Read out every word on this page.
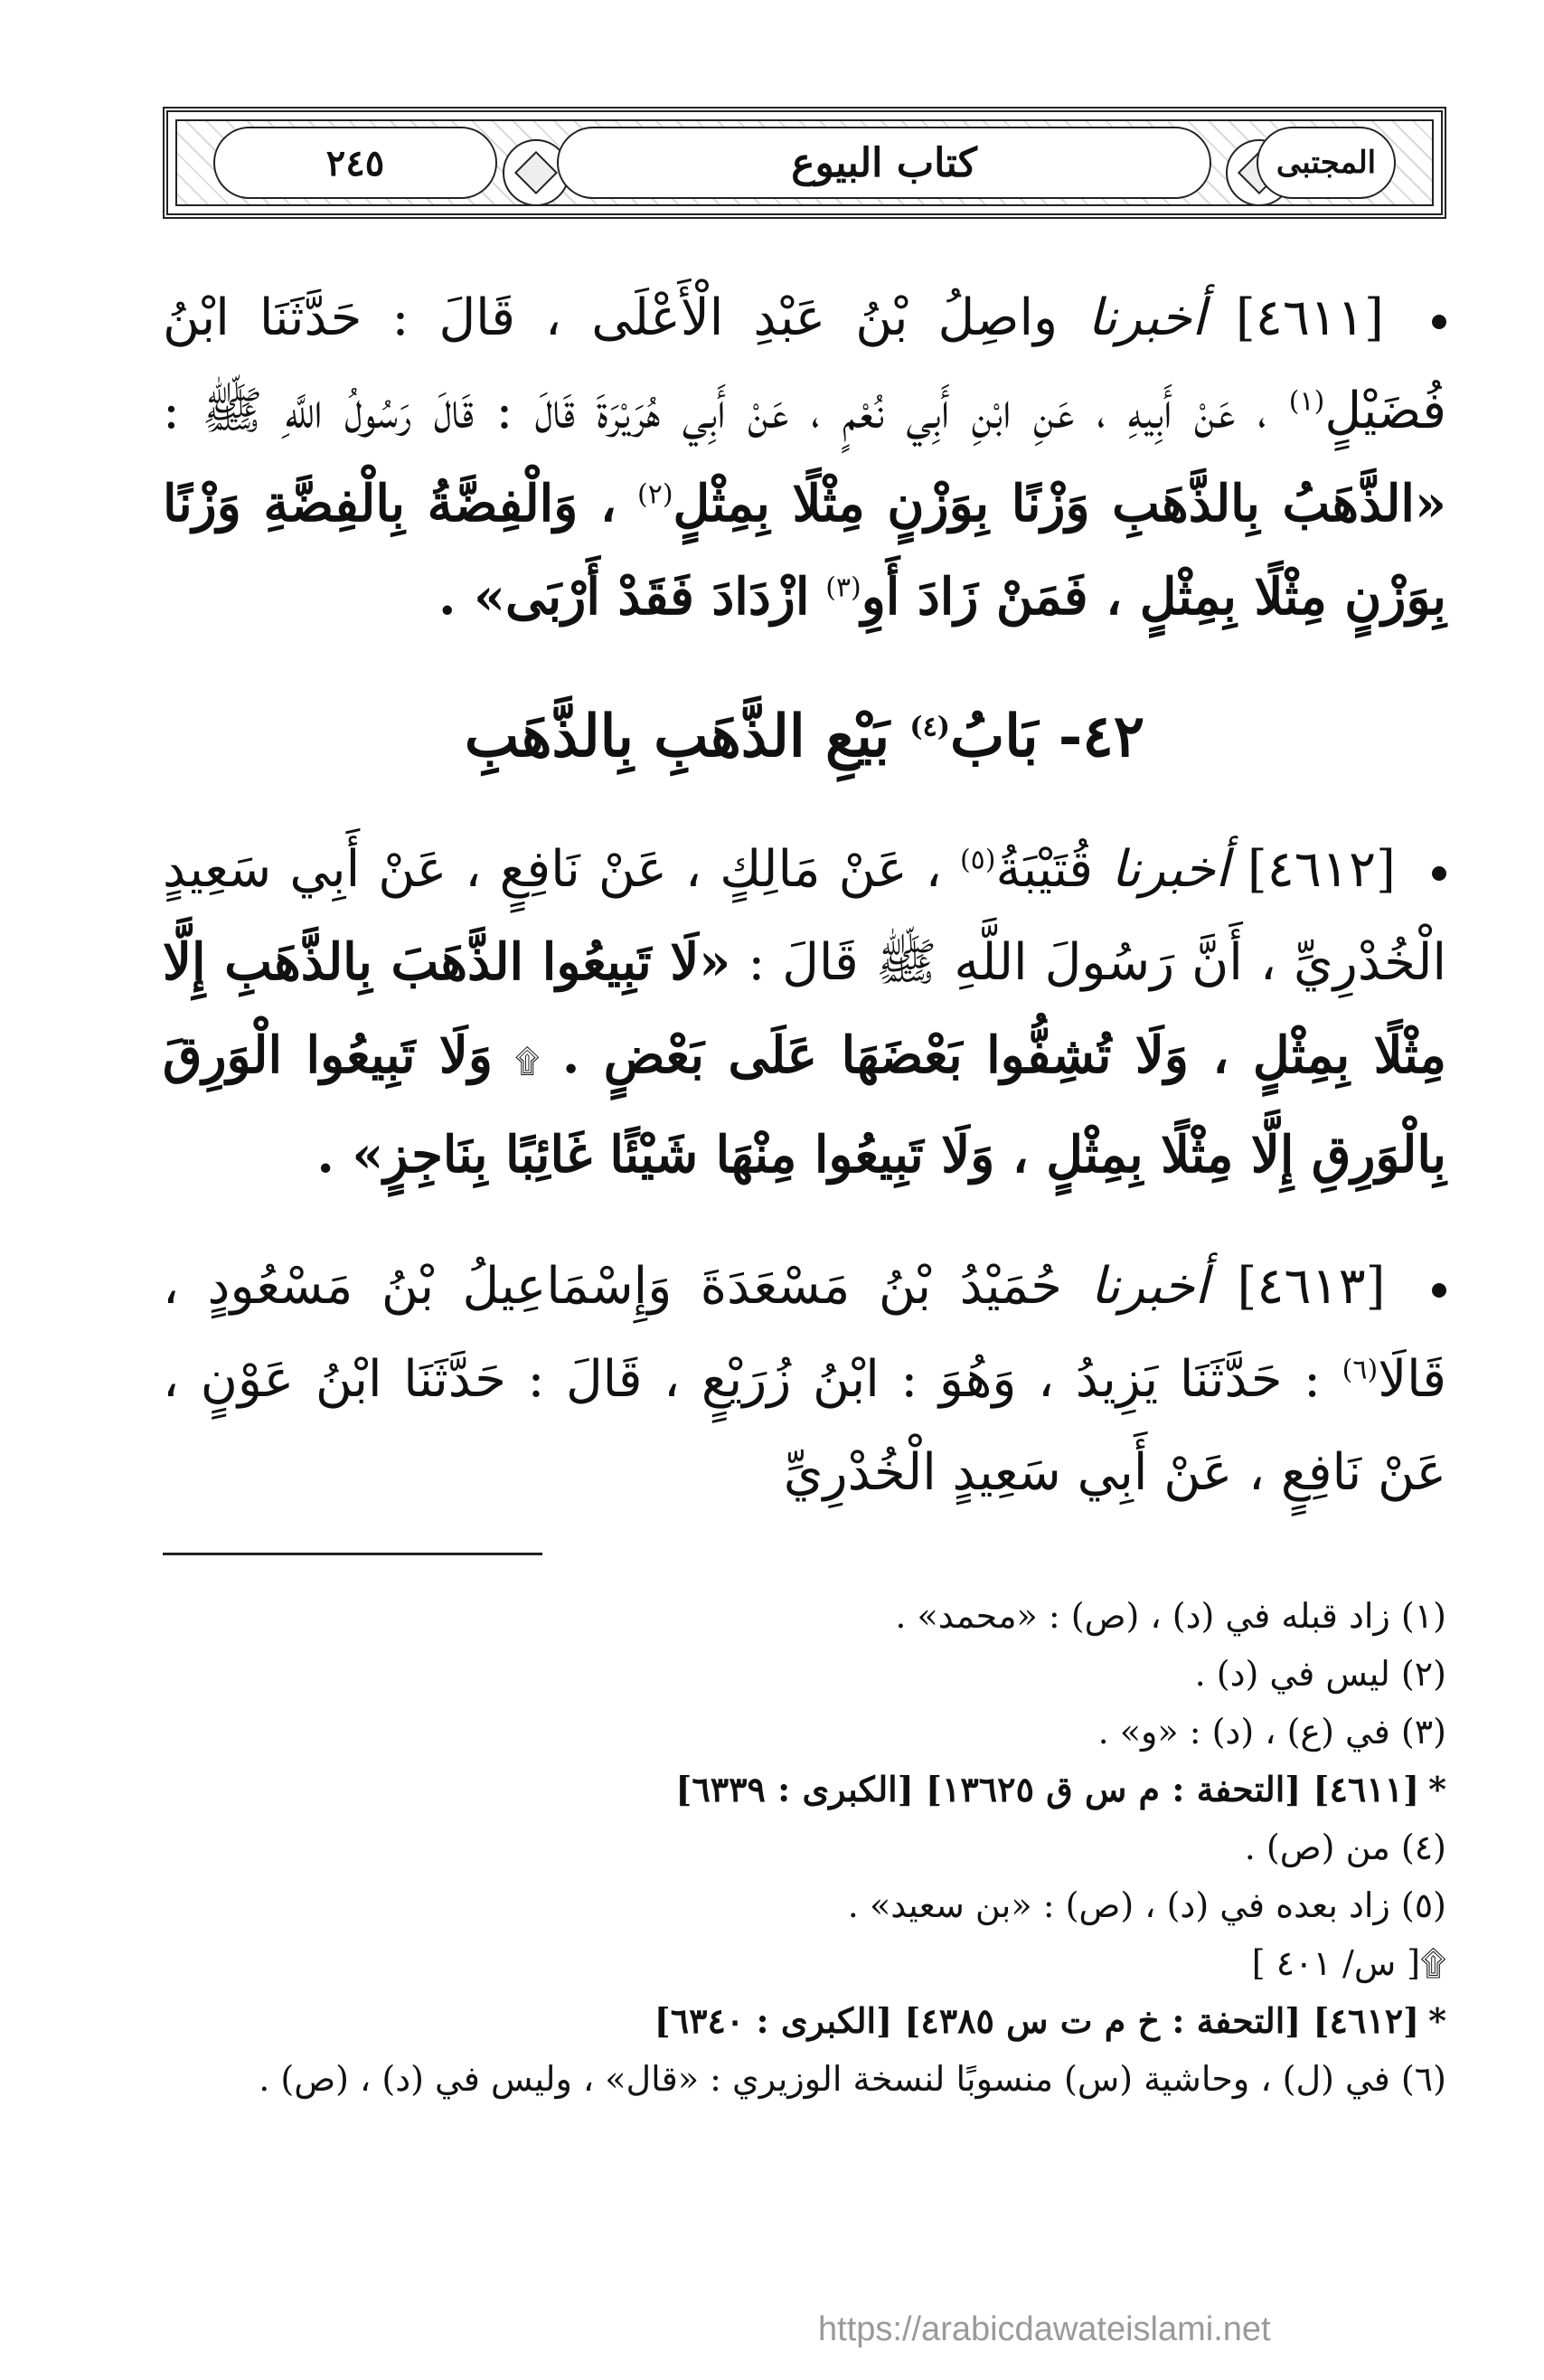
٢٤٥	كتاب البيوع	المجتبى

[٤٦١١] أخبرنا واصِلُ بْنُ عَبْدِ الْأَعْلَى ، قَالَ : حَدَّثَنَا ابْنُ فُضَيْلٍ$^{(١)}$ ، عَنْ أَبِيهِ ، عَنِ ابْنِ أَبِي نُعْمٍ ، عَنْ أَبِي هُرَيْرَةَ قَالَ : قَالَ رَسُولُ اللَّهِ ﷺ : «الذَّهَبُ بِالذَّهَبِ وَزْنًا بِوَزْنٍ مِثْلًا بِمِثْلٍ$^{(٢)}$ ، وَالْفِضَّةُ بِالْفِضَّةِ وَزْنًا بِوَزْنٍ مِثْلًا بِمِثْلٍ ، فَمَنْ زَادَ أَوِ$^{(٣)}$ ازْدَادَ فَقَدْ أَرْبَى» .

٤٢- بَابُ$^{(٤)}$ بَيْعِ الذَّهَبِ بِالذَّهَبِ

[٤٦١٢] أخبرنا قُتَيْبَةُ$^{(٥)}$ ، عَنْ مَالِكٍ ، عَنْ نَافِعٍ ، عَنْ أَبِي سَعِيدٍ الْخُدْرِيِّ ، أَنَّ رَسُولَ اللَّهِ ﷺ قَالَ : «لَا تَبِيعُوا الذَّهَبَ بِالذَّهَبِ إِلَّا مِثْلًا بِمِثْلٍ ، وَلَا تُشِفُّوا بَعْضَهَا عَلَى بَعْضٍ . ۩ وَلَا تَبِيعُوا الْوَرِقَ بِالْوَرِقِ إِلَّا مِثْلًا بِمِثْلٍ ، وَلَا تَبِيعُوا مِنْهَا شَيْئًا غَائِبًا بِنَاجِزٍ» .

[٤٦١٣] أخبرنا حُمَيْدُ بْنُ مَسْعَدَةَ وَإِسْمَاعِيلُ بْنُ مَسْعُودٍ ، قَالَا$^{(٦)}$ : حَدَّثَنَا يَزِيدُ ، وَهُوَ : ابْنُ زُرَيْعٍ ، قَالَ : حَدَّثَنَا ابْنُ عَوْنٍ ، عَنْ نَافِعٍ ، عَنْ أَبِي سَعِيدٍ الْخُدْرِيِّ

(١) زاد قبله في (د) ، (ص) : «محمد» .

(٢) ليس في (د) .

(٣) في (ع) ، (د) : «و» .

*[٤٦١١] [التحفة : م س ق ١٣٦٢٥] [الكبرى : ٦٣٣٩]

(٤) من (ص) .

(٥) زاد بعده في (د) ، (ص) : «بن سعيد» .

۩[ س/ ٤٠١ ]

*[٤٦١٢] [التحفة : خ م ت س ٤٣٨٥] [الكبرى : ٦٣٤٠]

(٦) في (ل) ، وحاشية (س) منسوبًا لنسخة الوزيري : «قال» ، وليس في (د) ، (ص) .

https://arabicdawateislami.net
